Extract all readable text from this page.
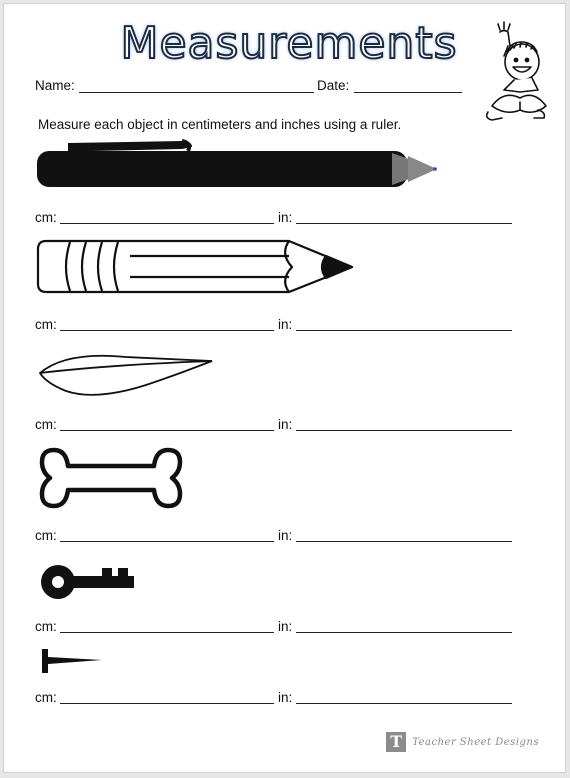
Measurements
Name:	Date:
Measure each object in centimeters and inches using a ruler.
cm:	in:
cm:	in:
cm:	in:
cm:	in:
cm:	in:
cm:	in:
T	Teacher Sheet Designs
